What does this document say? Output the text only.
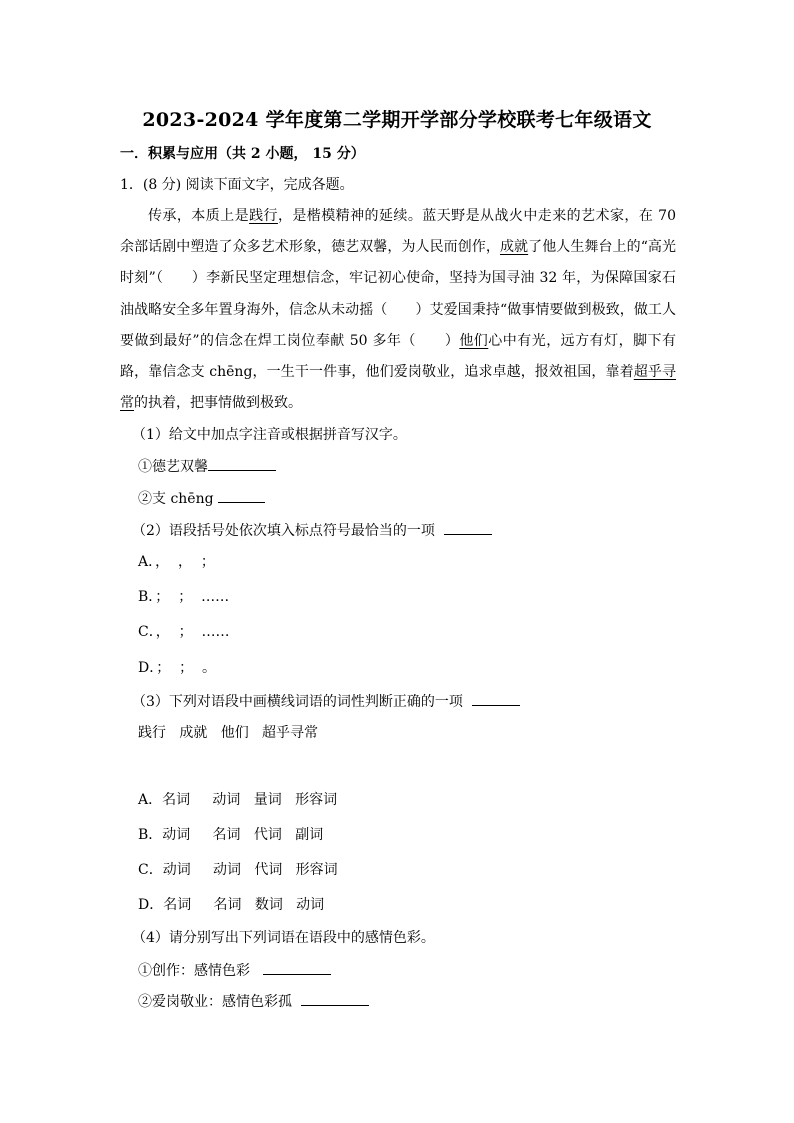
2023-2024 学年度第二学期开学部分学校联考七年级语文
一．积累与应用（共 2 小题， 15 分）
1．(8 分) 阅读下面文字，完成各题。

传承，本质上是践行，是楷模精神的延续。蓝天野是从战火中走来的艺术家，在 70 余部话剧中塑造了众多艺术形象，德艺双馨，为人民而创作，成就了他人生舞台上的“高光时刻”（　　）李新民坚定理想信念，牢记初心使命，坚持为国寻油 32 年，为保障国家石油战略安全多年置身海外，信念从未动摇（　　）艾爱国秉持“做事情要做到极致，做工人要做到最好”的信念在焊工岗位奉献 50 多年（　　）他们心中有光，远方有灯，脚下有路，靠信念支 chēng，一生干一件事，他们爱岗敬业，追求卓越，报效祖国，靠着超乎寻常的执着，把事情做到极致。

（1）给文中加点字注音或根据拼音写汉字。
①德艺双馨
②支 chēng
（2）语段括号处依次填入标点符号最恰当的一项
A．，  ，  ；
B．；  ；  ……
C．，  ；  ……
D．；  ；  。
（3）下列对语段中画横线词语的词性判断正确的一项
践行   成就   他们   超乎寻常
A．名词     动词   量词   形容词
B．动词     名词   代词   副词
C．动词     动词   代词   形容词
D．名词     名词   数词   动词
（4）请分别写出下列词语在语段中的感情色彩。
①创作：感情色彩
②爱岗敬业：感情色彩孤
